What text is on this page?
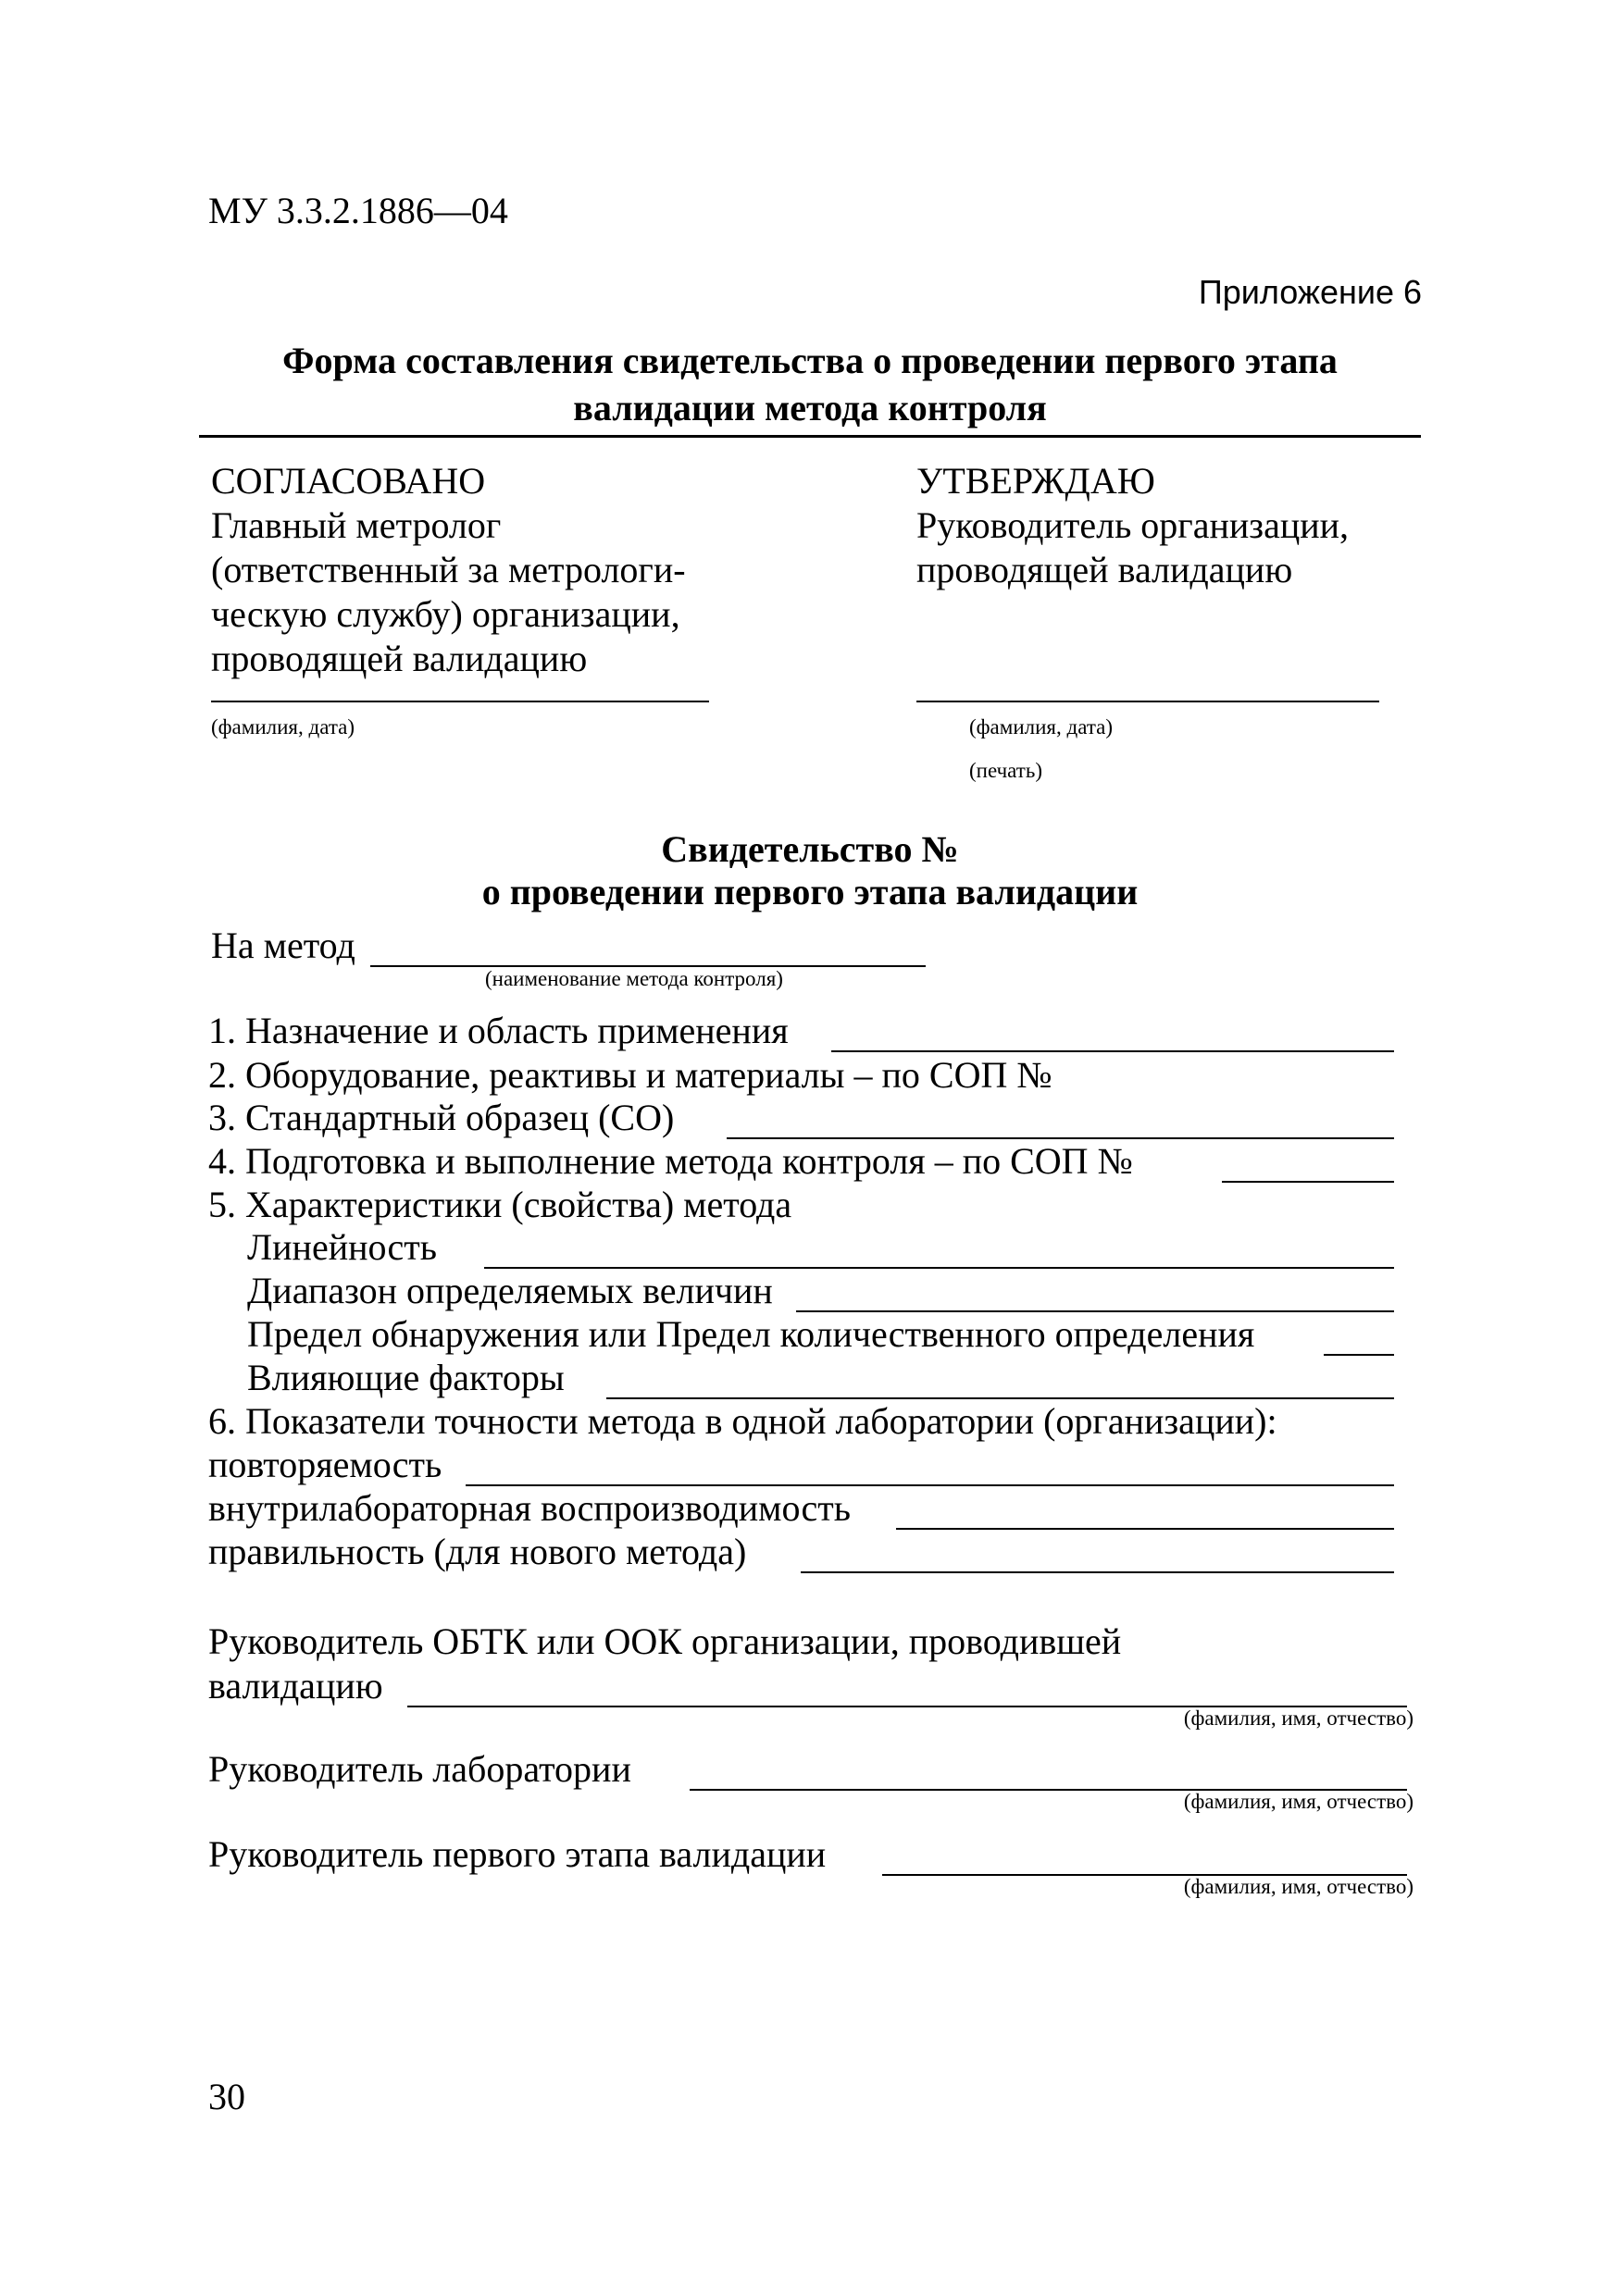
МУ 3.3.2.1886—04
Приложение 6
Форма составления свидетельства о проведении первого этапа
валидации метода контроля
СОГЛАСОВАНО
Главный метролог
(ответственный за метрологи-
ческую службу) организации,
проводящей валидацию
(фамилия, дата)
УТВЕРЖДАЮ
Руководитель организации,
проводящей валидацию
(фамилия, дата)
(печать)
Свидетельство №
о проведении первого этапа валидации
На метод
(наименование метода контроля)
1. Назначение и область применения
2. Оборудование, реактивы и материалы – по СОП №
3. Стандартный образец (СО)
4. Подготовка и выполнение метода контроля – по СОП №
5. Характеристики (свойства) метода
Линейность
Диапазон определяемых величин
Предел обнаружения или Предел количественного определения
Влияющие факторы
6. Показатели точности метода в одной лаборатории (организации):
повторяемость
внутрилабораторная воспроизводимость
правильность (для нового метода)
Руководитель ОБТК или ООК организации, проводившей
валидацию
(фамилия, имя, отчество)
Руководитель лаборатории
(фамилия, имя, отчество)
Руководитель первого этапа валидации
(фамилия, имя, отчество)
30
